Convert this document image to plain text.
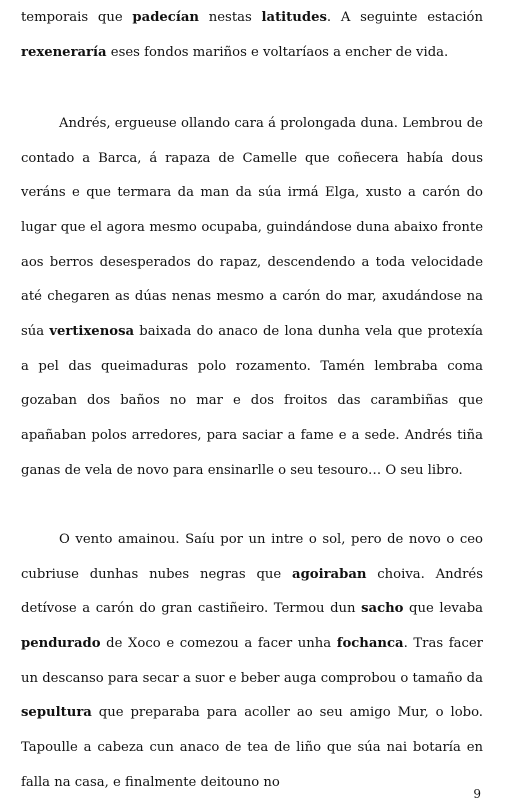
temporais que padecían nestas latitudes. A seguinte estación rexeneraría eses fondos mariños e voltaríaos a encher de vida.

Andrés, ergueuse ollando cara á prolongada duna. Lembrou de contado a Barca, á rapaza de Camelle que coñecera había dous veráns e que termara da man da súa irmá Elga, xusto a carón do lugar que el agora mesmo ocupaba, guindándose duna abaixo fronte aos berros desesperados do rapaz, descendendo a toda velocidade até chegaren as dúas nenas mesmo a carón do mar, axudándose na súa vertixenosa baixada do anaco de lona dunha vela que protexía a pel das queimaduras polo rozamento. Tamén lembraba coma gozaban dos baños no mar e dos froitos das carambiñas que apañaban polos arredores, para saciar a fame e a sede. Andrés tiña ganas de vela de novo para ensinarlle o seu tesouro… O seu libro.

O vento amainou. Saíu por un intre o sol, pero de novo o ceo cubriuse dunhas nubes negras que agoiraban choiva. Andrés detívose a carón do gran castiñeiro. Termou dun sacho que levaba pendurado de Xoco e comezou a facer unha fochanca. Tras facer un descanso para secar a suor e beber auga comprobou o tamaño da sepultura que preparaba para acoller ao seu amigo Mur, o lobo. Tapoulle a cabeza cun anaco de tea de liño que súa nai botaría en falla na casa, e finalmente deitouno no

9
